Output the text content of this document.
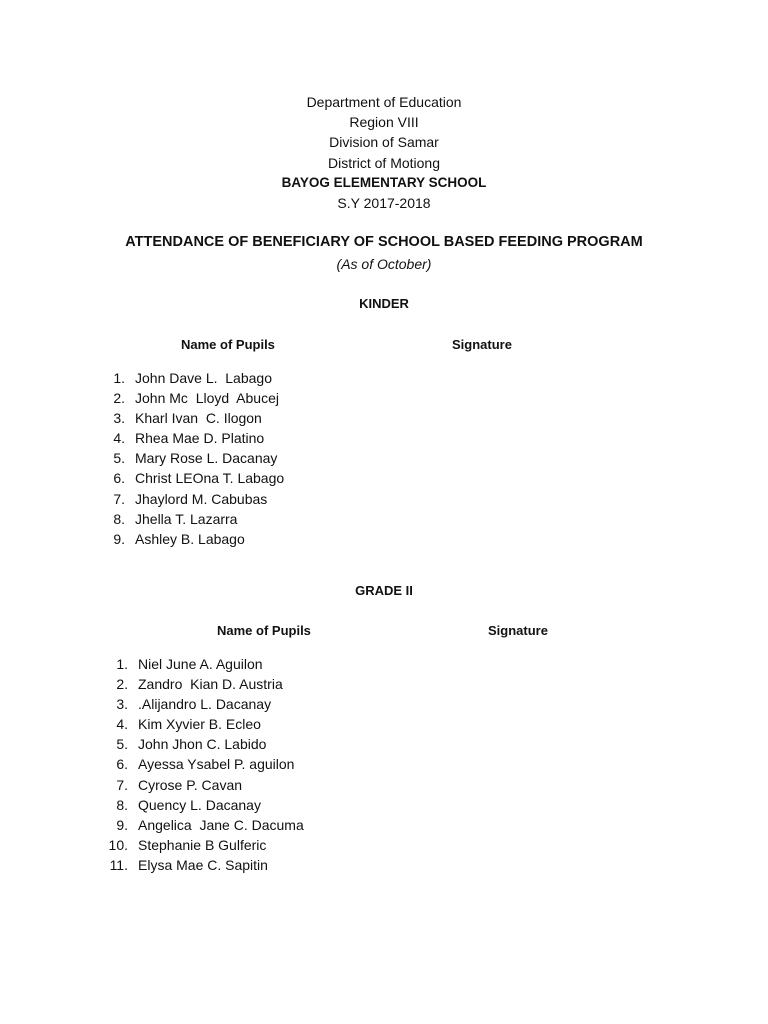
Department of Education
Region VIII
Division of Samar
District of Motiong
BAYOG ELEMENTARY SCHOOL
S.Y 2017-2018
ATTENDANCE OF BENEFICIARY OF SCHOOL BASED FEEDING PROGRAM
(As of October)
KINDER
Name of Pupils	Signature
1. John Dave L.  Labago
2. John Mc  Lloyd  Abucej
3. Kharl Ivan  C. Ilogon
4. Rhea Mae D. Platino
5. Mary Rose L. Dacanay
6. Christ LEOna T. Labago
7. Jhaylord M. Cabubas
8. Jhella T. Lazarra
9. Ashley B. Labago
GRADE II
Name of Pupils	Signature
1. Niel June A. Aguilon
2. Zandro  Kian D. Austria
3. .Alijandro L. Dacanay
4. Kim Xyvier B. Ecleo
5. John Jhon C. Labido
6. Ayessa Ysabel P. aguilon
7. Cyrose P. Cavan
8. Quency L. Dacanay
9. Angelica  Jane C. Dacuma
10. Stephanie B Gulferic
11. Elysa Mae C. Sapitin
